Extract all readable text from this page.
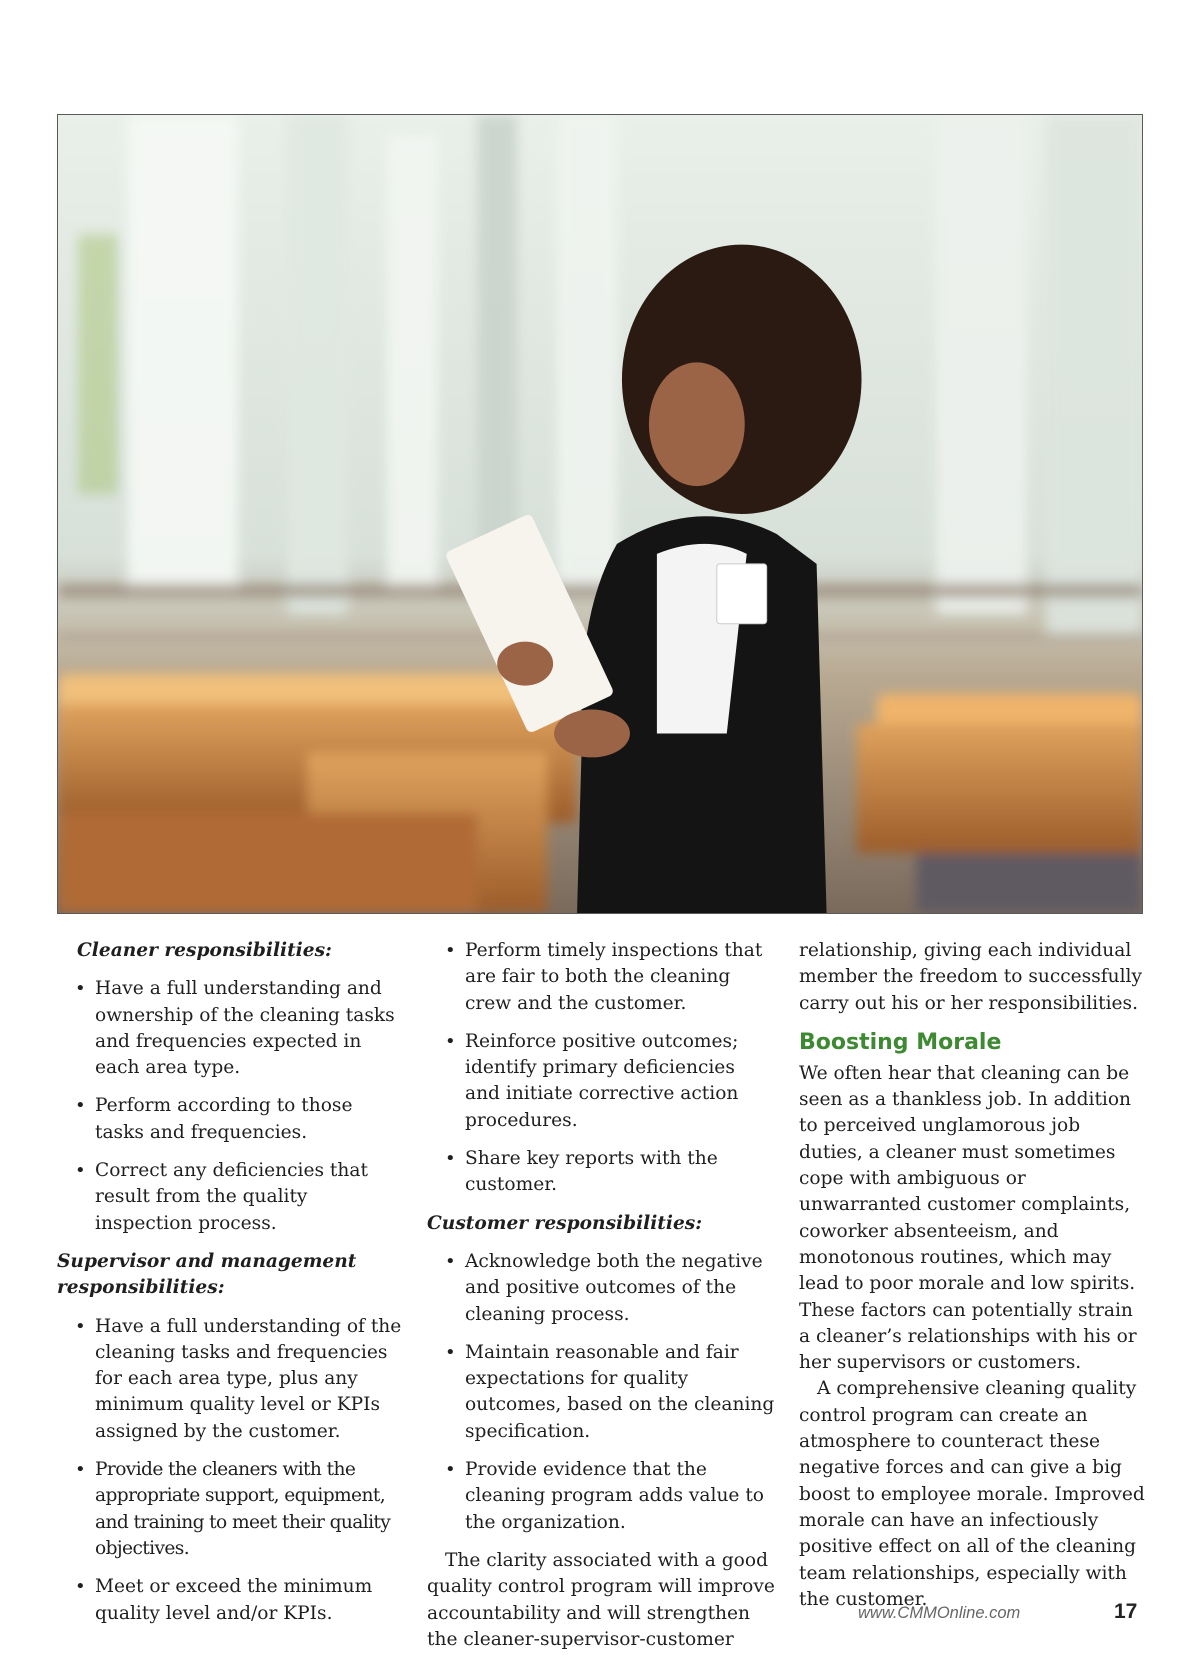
Cleaner responsibilities:
• Have a full understanding and ownership of the cleaning tasks and frequencies expected in each area type.
• Perform according to those tasks and frequencies.
• Correct any deficiencies that result from the quality inspection process.
Supervisor and management responsibilities:
• Have a full understanding of the cleaning tasks and frequencies for each area type, plus any minimum quality level or KPIs assigned by the customer.
• Provide the cleaners with the appropriate support, equipment, and training to meet their quality objectives.
• Meet or exceed the minimum quality level and/or KPIs.
• Perform timely inspections that are fair to both the cleaning crew and the customer.
• Reinforce positive outcomes; identify primary deficiencies and initiate corrective action procedures.
• Share key reports with the customer.
Customer responsibilities:
• Acknowledge both the negative and positive outcomes of the cleaning process.
• Maintain reasonable and fair expectations for quality outcomes, based on the cleaning specification.
• Provide evidence that the cleaning program adds value to the organization.

The clarity associated with a good quality control program will improve accountability and will strengthen the cleaner-supervisor-customer

relationship, giving each individual member the freedom to successfully carry out his or her responsibilities.

Boosting Morale

We often hear that cleaning can be seen as a thankless job. In addition to perceived unglamorous job duties, a cleaner must sometimes cope with ambiguous or unwarranted customer complaints, coworker absenteeism, and monotonous routines, which may lead to poor morale and low spirits. These factors can potentially strain a cleaner’s relationships with his or her supervisors or customers.

A comprehensive cleaning quality control program can create an atmosphere to counteract these negative forces and can give a big boost to employee morale. Improved morale can have an infectiously positive effect on all of the cleaning team relationships, especially with the customer.

www.CMMOnline.com	17
